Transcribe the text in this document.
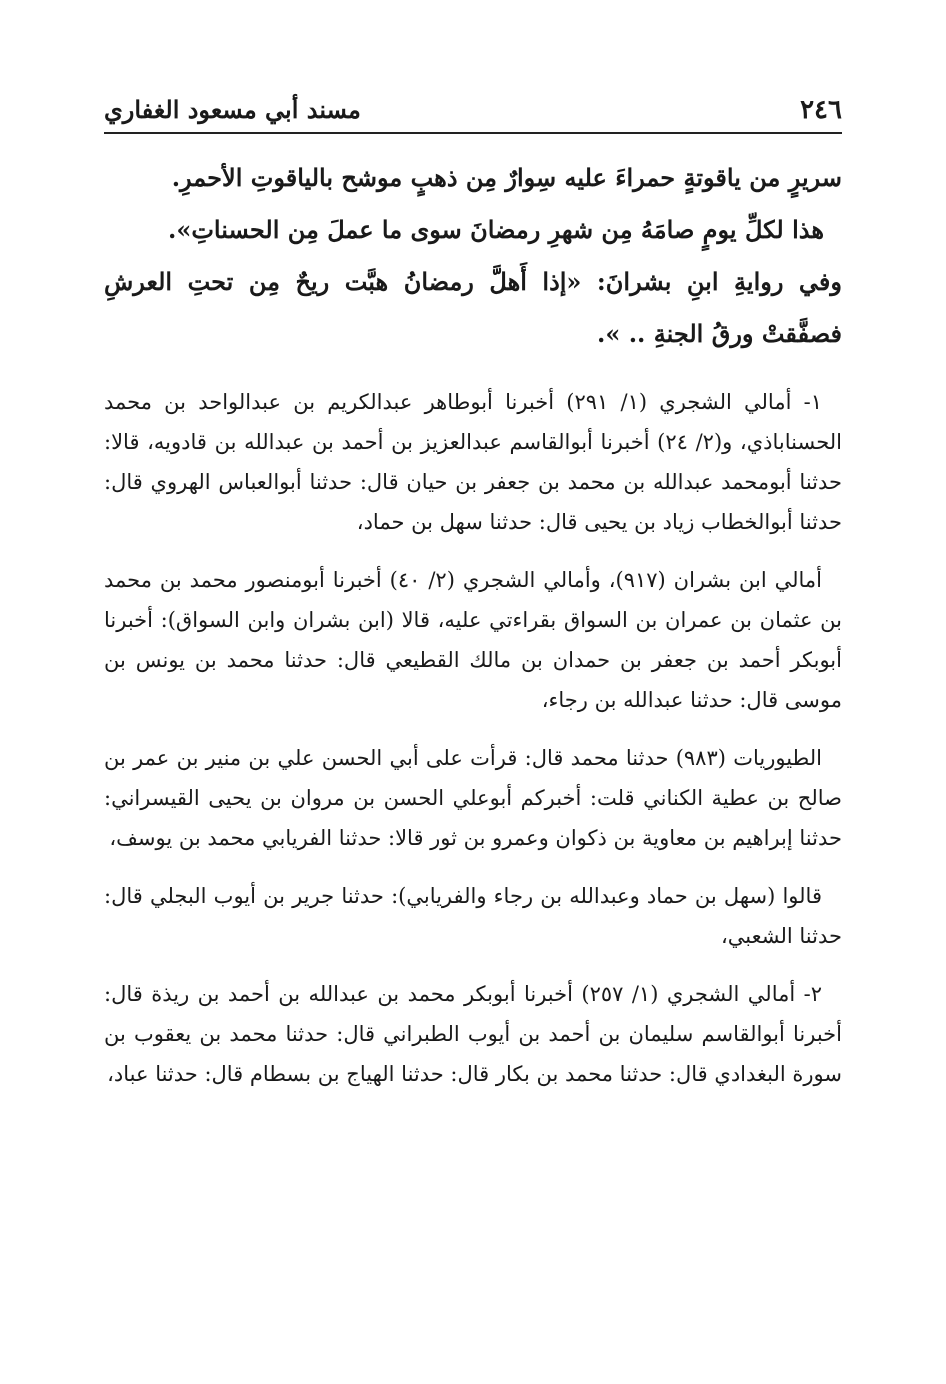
٢٤٦
مسند أبي مسعود الغفاري

سريرٍ من ياقوتةٍ حمراءَ عليه سِوارٌ مِن ذهبٍ موشح بالياقوتِ الأحمرِ.

هذا لكلِّ يومٍ صامَهُ مِن شهرِ رمضانَ سوى ما عملَ مِن الحسناتِ».

وفي روايةِ ابنِ بشرانَ: «إذا أَهلَّ رمضانُ هبَّت ريحٌ مِن تحتِ العرشِ فصفَّقتْ ورقُ الجنةِ .. ».

١- أمالي الشجري (١/ ٢٩١) أخبرنا أبوطاهر عبدالكريم بن عبدالواحد بن محمد الحسناباذي، و(٢/ ٢٤) أخبرنا أبوالقاسم عبدالعزيز بن أحمد بن عبدالله بن قادويه، قالا: حدثنا أبومحمد عبدالله بن محمد بن جعفر بن حيان قال: حدثنا أبوالعباس الهروي قال: حدثنا أبوالخطاب زياد بن يحيى قال: حدثنا سهل بن حماد،

أمالي ابن بشران (٩١٧)، وأمالي الشجري (٢/ ٤٠) أخبرنا أبومنصور محمد بن محمد بن عثمان بن عمران بن السواق بقراءتي عليه، قالا (ابن بشران وابن السواق): أخبرنا أبوبكر أحمد بن جعفر بن حمدان بن مالك القطيعي قال: حدثنا محمد بن يونس بن موسى قال: حدثنا عبدالله بن رجاء،

الطيوريات (٩٨٣) حدثنا محمد قال: قرأت على أبي الحسن علي بن منير بن عمر بن صالح بن عطية الكناني قلت: أخبركم أبوعلي الحسن بن مروان بن يحيى القيسراني: حدثنا إبراهيم بن معاوية بن ذكوان وعمرو بن ثور قالا: حدثنا الفريابي محمد بن يوسف،

قالوا (سهل بن حماد وعبدالله بن رجاء والفريابي): حدثنا جرير بن أيوب البجلي قال: حدثنا الشعبي،

٢- أمالي الشجري (١/ ٢٥٧) أخبرنا أبوبكر محمد بن عبدالله بن أحمد بن ريذة قال: أخبرنا أبوالقاسم سليمان بن أحمد بن أيوب الطبراني قال: حدثنا محمد بن يعقوب بن سورة البغدادي قال: حدثنا محمد بن بكار قال: حدثنا الهياج بن بسطام قال: حدثنا عباد،
